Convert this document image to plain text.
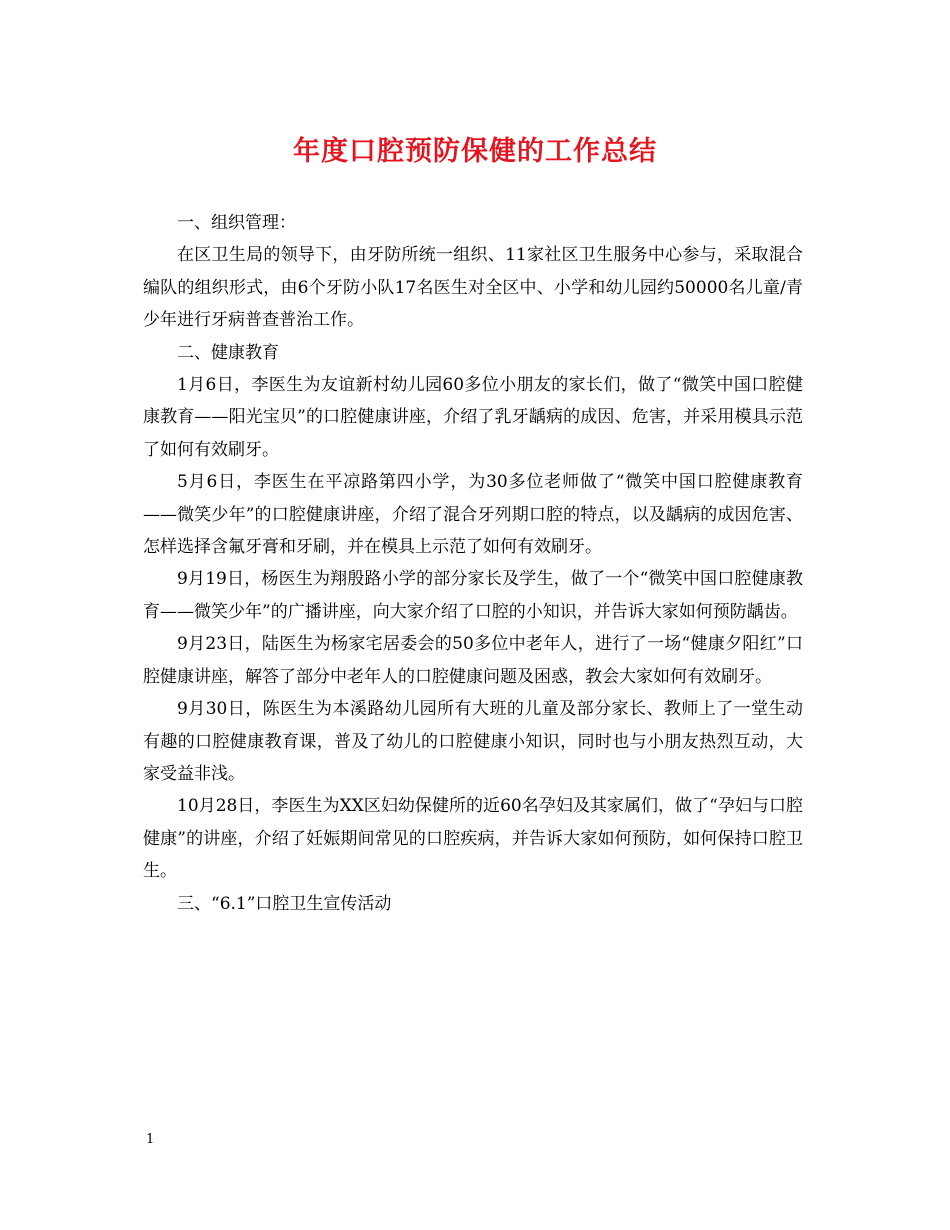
年度口腔预防保健的工作总结

一、组织管理：

在区卫生局的领导下，由牙防所统一组织、11家社区卫生服务中心参与，采取混合编队的组织形式，由6个牙防小队17名医生对全区中、小学和幼儿园约50000名儿童/青少年进行牙病普查普治工作。

二、健康教育

1月6日，李医生为友谊新村幼儿园60多位小朋友的家长们，做了“微笑中国口腔健康教育——阳光宝贝”的口腔健康讲座，介绍了乳牙龋病的成因、危害，并采用模具示范了如何有效刷牙。

5月6日，李医生在平凉路第四小学，为30多位老师做了“微笑中国口腔健康教育——微笑少年”的口腔健康讲座，介绍了混合牙列期口腔的特点，以及龋病的成因危害、怎样选择含氟牙膏和牙刷，并在模具上示范了如何有效刷牙。

9月19日，杨医生为翔殷路小学的部分家长及学生，做了一个“微笑中国口腔健康教育——微笑少年”的广播讲座，向大家介绍了口腔的小知识，并告诉大家如何预防龋齿。

9月23日，陆医生为杨家宅居委会的50多位中老年人，进行了一场“健康夕阳红”口腔健康讲座，解答了部分中老年人的口腔健康问题及困惑，教会大家如何有效刷牙。

9月30日，陈医生为本溪路幼儿园所有大班的儿童及部分家长、教师上了一堂生动有趣的口腔健康教育课，普及了幼儿的口腔健康小知识，同时也与小朋友热烈互动，大家受益非浅。

10月28日，李医生为XX区妇幼保健所的近60名孕妇及其家属们，做了“孕妇与口腔健康”的讲座，介绍了妊娠期间常见的口腔疾病，并告诉大家如何预防，如何保持口腔卫生。

三、“6.1”口腔卫生宣传活动

1
